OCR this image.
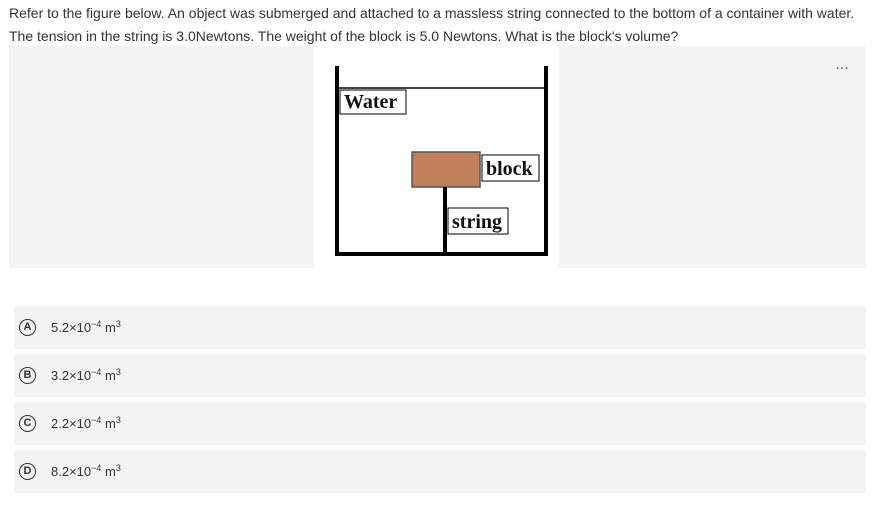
Refer to the figure below. An object was submerged and attached to a massless string connected to the bottom of a container with water. The tension in the string is 3.0Newtons. The weight of the block is 5.0 Newtons. What is the block's volume?
Water
block
string
...
A	$5.2\times 10^{-4}$ $m^3$
B	$3.2\times 10^{-4}$ $m^3$
C	$2.2\times 10^{-4}$ $m^3$
D	$8.2\times 10^{-4}$ $m^3$
